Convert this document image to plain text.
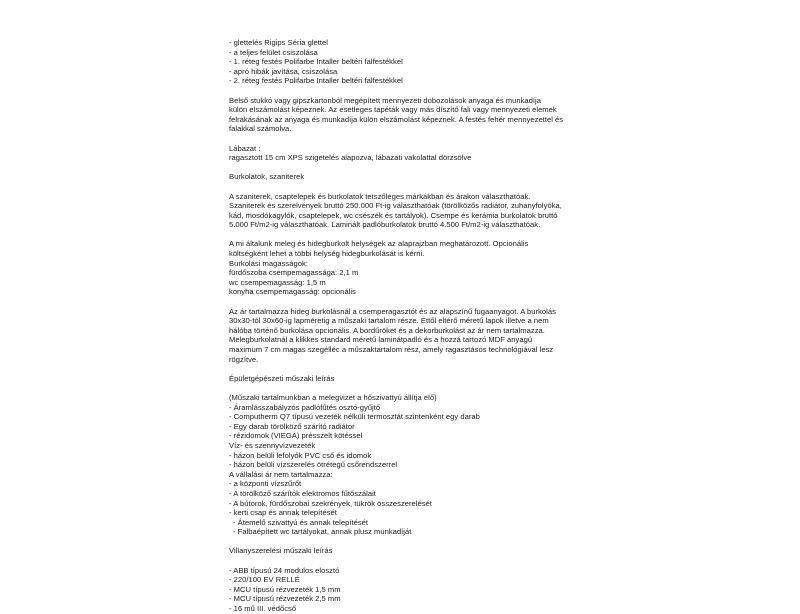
- glettelés Rigips Séria glettel
- a teljes felület csiszolása
- 1. réteg festés Polifarbe Intaller beltéri falfestékkel
- apró hibák javítása, csiszolása
- 2. réteg festés Polifarbe Intaller beltéri falfestékkel
Belső stukkó vagy gipszkartonból megépített mennyezeti dobozolások anyaga és munkadíja
külön elszámolást képeznek. Az esetleges tapéták vagy más díszítő fali vagy mennyezeti elemek
felrakásának az anyaga és munkadíja külön elszámolást képeznek. A festés fehér mennyezettel és
falakkal számolva.
Lábazat :
ragasztott 15 cm XPS szigetelés alapozva, lábazati vakolattal dörzsölve
Burkolatok, szaniterek
A szaniterek, csaptelepek és burkolatok tetszőleges márkákban és árakon választhatóak.
Szaniterek és szerelvények bruttó 250.000 Ft-ig választhatóak (törölközős radiátor, zuhanyfolyóka,
kád, mosdókagylók, csaptelepek, wc csészék és tartályok). Csempe és kerámia burkolatok bruttó
5.000 Ft/m2-ig választhatóak. Laminált padlóburkolatok bruttó 4.500 Ft/m2-ig választhatóak.
A mi általunk meleg és hidegburkolt helységek az alaprajzban meghatározott. Opcionális
költségként lehet a többi helység hidegburkolását is kérni.
Burkolási magasságok:
fürdőszoba csempemagassága: 2,1 m
wc csempemagasság: 1,5 m
konyha csempemagasság: opcionális
Az ár tartalmazza hideg burkolásnál a csemperagasztót és az alapszínű fugaanyagot. A burkolás
30x30-tól 30x60-ig lapméretig a műszaki tartalom része. Ettől eltérő méretű lapok illetve a nem
hálóba történő burkolása opcionális. A bordűröket és a dekorburkolást az ár nem tartalmazza.
Melegburkolatnál a klikkes standard méretű laminátpadló és a hozzá tartozó MDF anyagú
maximum 7 cm magas szegélléc a műszaktartalom rész, amely ragasztásos technológiával lesz
rögzítve.
Épületgépészeti műszaki leírás
(Műszaki tartalmunkban a melegvizet a hőszivattyú állítja elő)
- Áramlásszabályzós padlófűtés osztó-gyűjtő
- Computherm Q7 típusú vezeték nélküli termosztát szintenként egy darab
- Egy darab törölköző szárító radiátor
- rézidomok (VIEGA) présszelt kötéssel
Víz- és szennyvízvezeték
- házon belüli lefolyók PVC cső és idomok
- házon belüli vízszerelés ötrétegű csőrendszerrel
A vállalási ár nem tartalmazza:
- a központi vízszűrőt
- A törölköző szárítók elektromos fűtőszálait
- A bútorok, fürdőszobai szekrények, tükrök összeszerelését
- kerti csap és annak telepítését
- Átemelő szivattyú és annak telepítését
- Falbaépített wc tartályokat, annak plusz munkadíját
Villanyszerelési műszaki leírás
- ABB típusú 24 modulos elosztó
- 220/100 EV RELLÉ
- MCU típusú rézvezeték 1,5 mm
- MCU típusú rézvezeték 2,5 mm
- 16 mű III. védőcső
